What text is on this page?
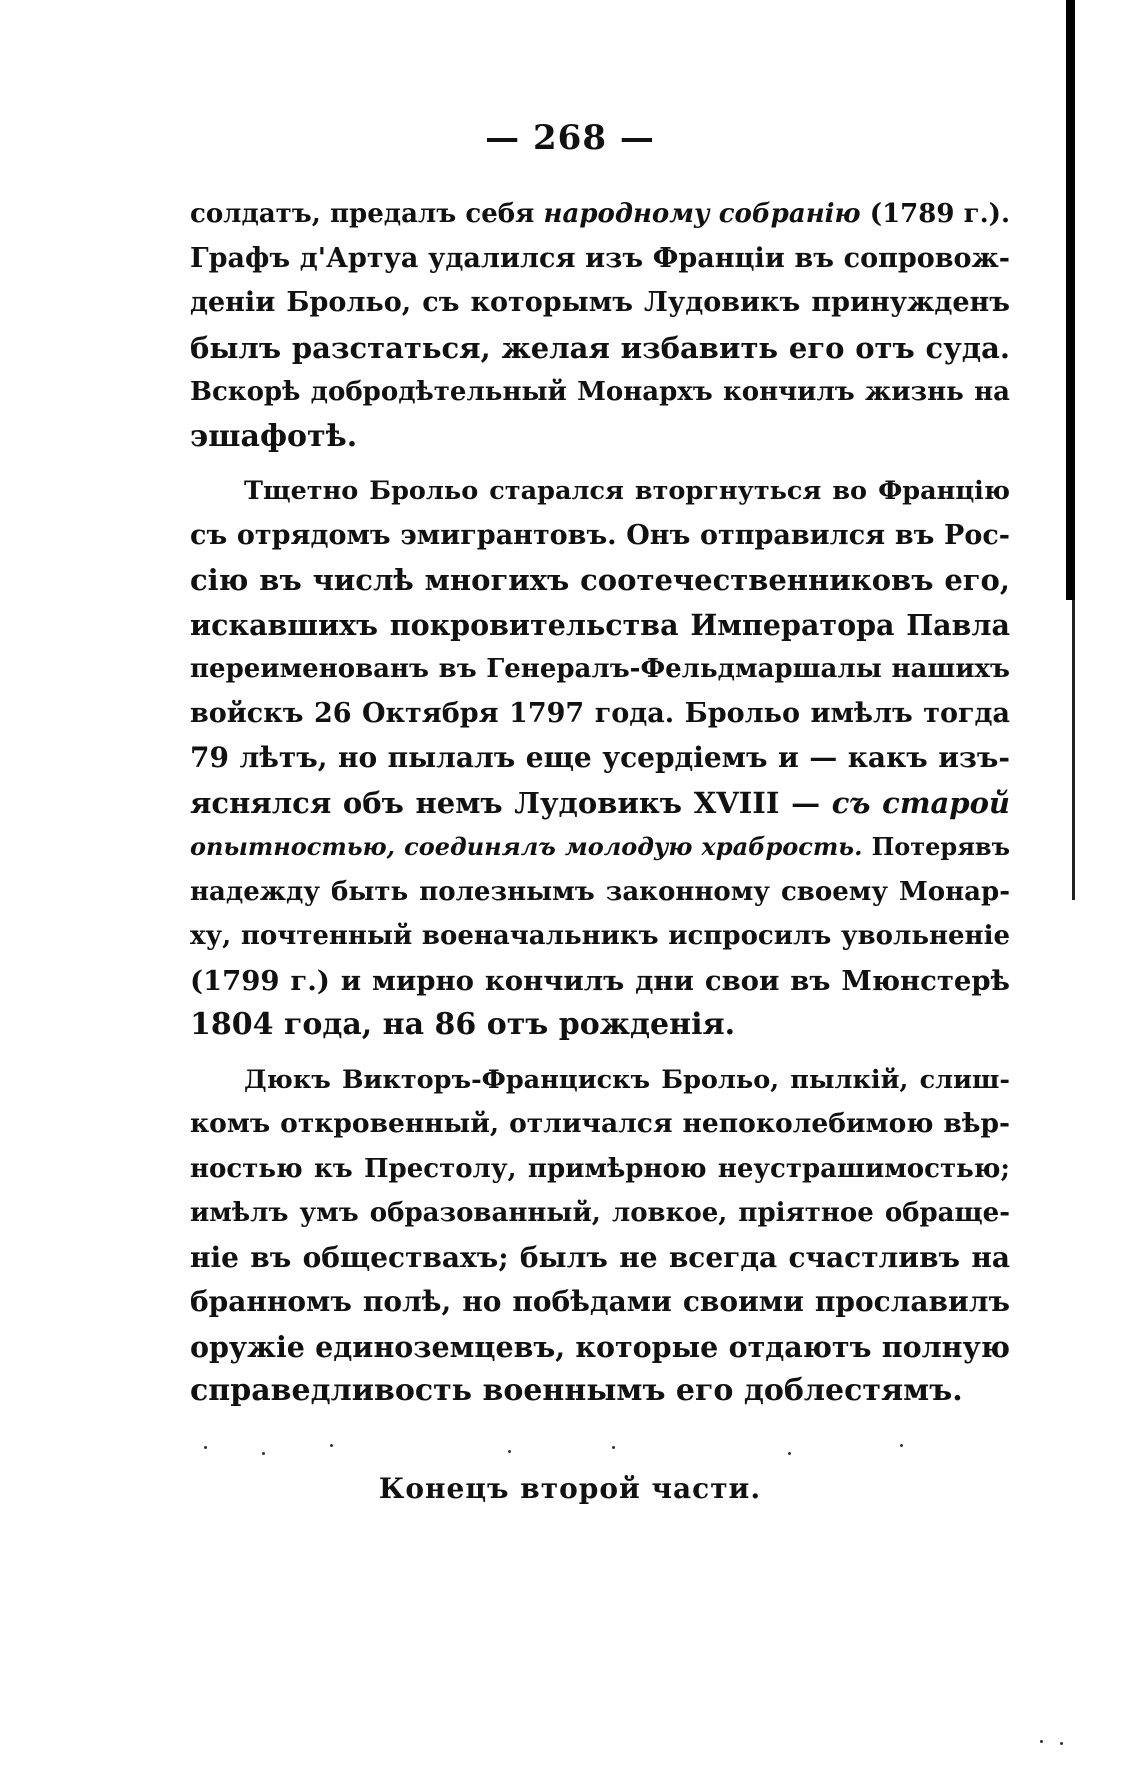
— 268 —
солдатъ, предалъ себя народному собранію (1789 г.).
Графъ д'Артуа удалился изъ Франціи въ сопровож-
деніи Брольо, съ которымъ Лудовикъ принужденъ
былъ разстаться, желая избавить его отъ суда.
Вскорѣ добродѣтельный Монархъ кончилъ жизнь на
эшафотѣ.
Тщетно Брольо старался вторгнуться во Францію
съ отрядомъ эмигрантовъ. Онъ отправился въ Рос-
сію въ числѣ многихъ соотечественниковъ его,
искавшихъ покровительства Императора Павла
переименованъ въ Генералъ-Фельдмаршалы нашихъ
войскъ 26 Октября 1797 года. Брольо имѣлъ тогда
79 лѣтъ, но пылалъ еще усердіемъ и — какъ изъ-
яснялся объ немъ Лудовикъ XVIII — съ старой
опытностью, соединялъ молодую храбрость. Потерявъ
надежду быть полезнымъ законному своему Монар-
ху, почтенный военачальникъ испросилъ увольненіе
(1799 г.) и мирно кончилъ дни свои въ Мюнстерѣ
1804 года, на 86 отъ рожденія.
Дюкъ Викторъ-Францискъ Брольо, пылкій, слиш-
комъ откровенный, отличался непоколебимою вѣр-
ностью къ Престолу, примѣрною неустрашимостью;
имѣлъ умъ образованный, ловкое, пріятное обраще-
ніе въ обществахъ; былъ не всегда счастливъ на
бранномъ полѣ, но побѣдами своими прославилъ
оружіе единоземцевъ, которые отдаютъ полную
справедливость военнымъ его доблестямъ.
Конецъ второй части.
